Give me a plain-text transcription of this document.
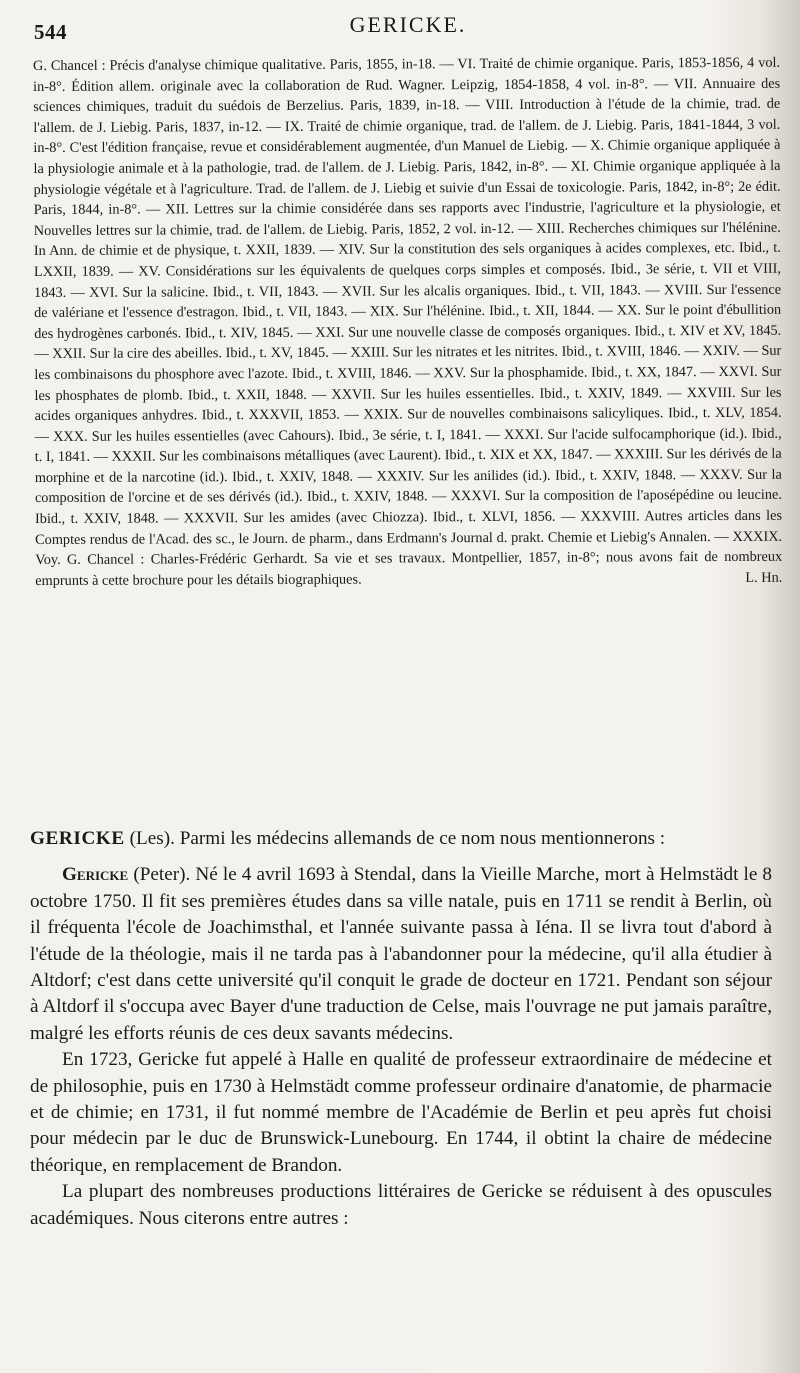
544	GERICKE.

G. Chancel : Précis d'analyse chimique qualitative. Paris, 1855, in-18. — VI. Traité de chimie organique. Paris, 1853-1856, 4 vol. in-8°. Édition allem. originale avec la collaboration de Rud. Wagner. Leipzig, 1854-1858, 4 vol. in-8°. — VII. Annuaire des sciences chimiques, traduit du suédois de Berzelius. Paris, 1839, in-18. — VIII. Introduction à l'étude de la chimie, trad. de l'allem. de J. Liebig. Paris, 1837, in-12. — IX. Traité de chimie organique, trad. de l'allem. de J. Liebig. Paris, 1841-1844, 3 vol. in-8°. C'est l'édition française, revue et considérablement augmentée, d'un Manuel de Liebig. — X. Chimie organique appliquée à la physiologie animale et à la pathologie, trad. de l'allem. de J. Liebig. Paris, 1842, in-8°. — XI. Chimie organique appliquée à la physiologie végétale et à l'agriculture. Trad. de l'allem. de J. Liebig et suivie d'un Essai de toxicologie. Paris, 1842, in-8°; 2e édit. Paris, 1844, in-8°. — XII. Lettres sur la chimie considérée dans ses rapports avec l'industrie, l'agriculture et la physiologie, et Nouvelles lettres sur la chimie, trad. de l'allem. de Liebig. Paris, 1852, 2 vol. in-12. — XIII. Recherches chimiques sur l'hélénine. In Ann. de chimie et de physique, t. XXII, 1839. — XIV. Sur la constitution des sels organiques à acides complexes, etc. Ibid., t. LXXII, 1839. — XV. Considérations sur les équivalents de quelques corps simples et composés. Ibid., 3e série, t. VII et VIII, 1843. — XVI. Sur la salicine. Ibid., t. VII, 1843. — XVII. Sur les alcalis organiques. Ibid., t. VII, 1843. — XVIII. Sur l'essence de valériane et l'essence d'estragon. Ibid., t. VII, 1843. — XIX. Sur l'hélénine. Ibid., t. XII, 1844. — XX. Sur le point d'ébullition des hydrogènes carbonés. Ibid., t. XIV, 1845. — XXI. Sur une nouvelle classe de composés organiques. Ibid., t. XIV et XV, 1845. — XXII. Sur la cire des abeilles. Ibid., t. XV, 1845. — XXIII. Sur les nitrates et les nitrites. Ibid., t. XVIII, 1846. — XXIV. — Sur les combinaisons du phosphore avec l'azote. Ibid., t. XVIII, 1846. — XXV. Sur la phosphamide. Ibid., t. XX, 1847. — XXVI. Sur les phosphates de plomb. Ibid., t. XXII, 1848. — XXVII. Sur les huiles essentielles. Ibid., t. XXIV, 1849. — XXVIII. Sur les acides organiques anhydres. Ibid., t. XXXVII, 1853. — XXIX. Sur de nouvelles combinaisons salicyliques. Ibid., t. XLV, 1854. — XXX. Sur les huiles essentielles (avec Cahours). Ibid., 3e série, t. I, 1841. — XXXI. Sur l'acide sulfocamphorique (id.). Ibid., t. I, 1841. — XXXII. Sur les combinaisons métalliques (avec Laurent). Ibid., t. XIX et XX, 1847. — XXXIII. Sur les dérivés de la morphine et de la narcotine (id.). Ibid., t. XXIV, 1848. — XXXIV. Sur les anilides (id.). Ibid., t. XXIV, 1848. — XXXV. Sur la composition de l'orcine et de ses dérivés (id.). Ibid., t. XXIV, 1848. — XXXVI. Sur la composition de l'aposépédine ou leucine. Ibid., t. XXIV, 1848. — XXXVII. Sur les amides (avec Chiozza). Ibid., t. XLVI, 1856. — XXXVIII. Autres articles dans les Comptes rendus de l'Acad. des sc., le Journ. de pharm., dans Erdmann's Journal d. prakt. Chemie et Liebig's Annalen. — XXXIX. Voy. G. Chancel : Charles-Frédéric Gerhardt. Sa vie et ses travaux. Montpellier, 1857, in-8°; nous avons fait de nombreux emprunts à cette brochure pour les détails biographiques.	L. Hn.

GERICKE (Les). Parmi les médecins allemands de ce nom nous mentionnerons :

Gericke (Peter). Né le 4 avril 1693 à Stendal, dans la Vieille Marche, mort à Helmstädt le 8 octobre 1750. Il fit ses premières études dans sa ville natale, puis en 1711 se rendit à Berlin, où il fréquenta l'école de Joachimsthal, et l'année suivante passa à Iéna. Il se livra tout d'abord à l'étude de la théologie, mais il ne tarda pas à l'abandonner pour la médecine, qu'il alla étudier à Altdorf; c'est dans cette université qu'il conquit le grade de docteur en 1721. Pendant son séjour à Altdorf il s'occupa avec Bayer d'une traduction de Celse, mais l'ouvrage ne put jamais paraître, malgré les efforts réunis de ces deux savants médecins.

En 1723, Gericke fut appelé à Halle en qualité de professeur extraordinaire de médecine et de philosophie, puis en 1730 à Helmstädt comme professeur ordinaire d'anatomie, de pharmacie et de chimie; en 1731, il fut nommé membre de l'Académie de Berlin et peu après fut choisi pour médecin par le duc de Brunswick-Lunebourg. En 1744, il obtint la chaire de médecine théorique, en remplacement de Brandon.

La plupart des nombreuses productions littéraires de Gericke se réduisent à des opuscules académiques. Nous citerons entre autres :
